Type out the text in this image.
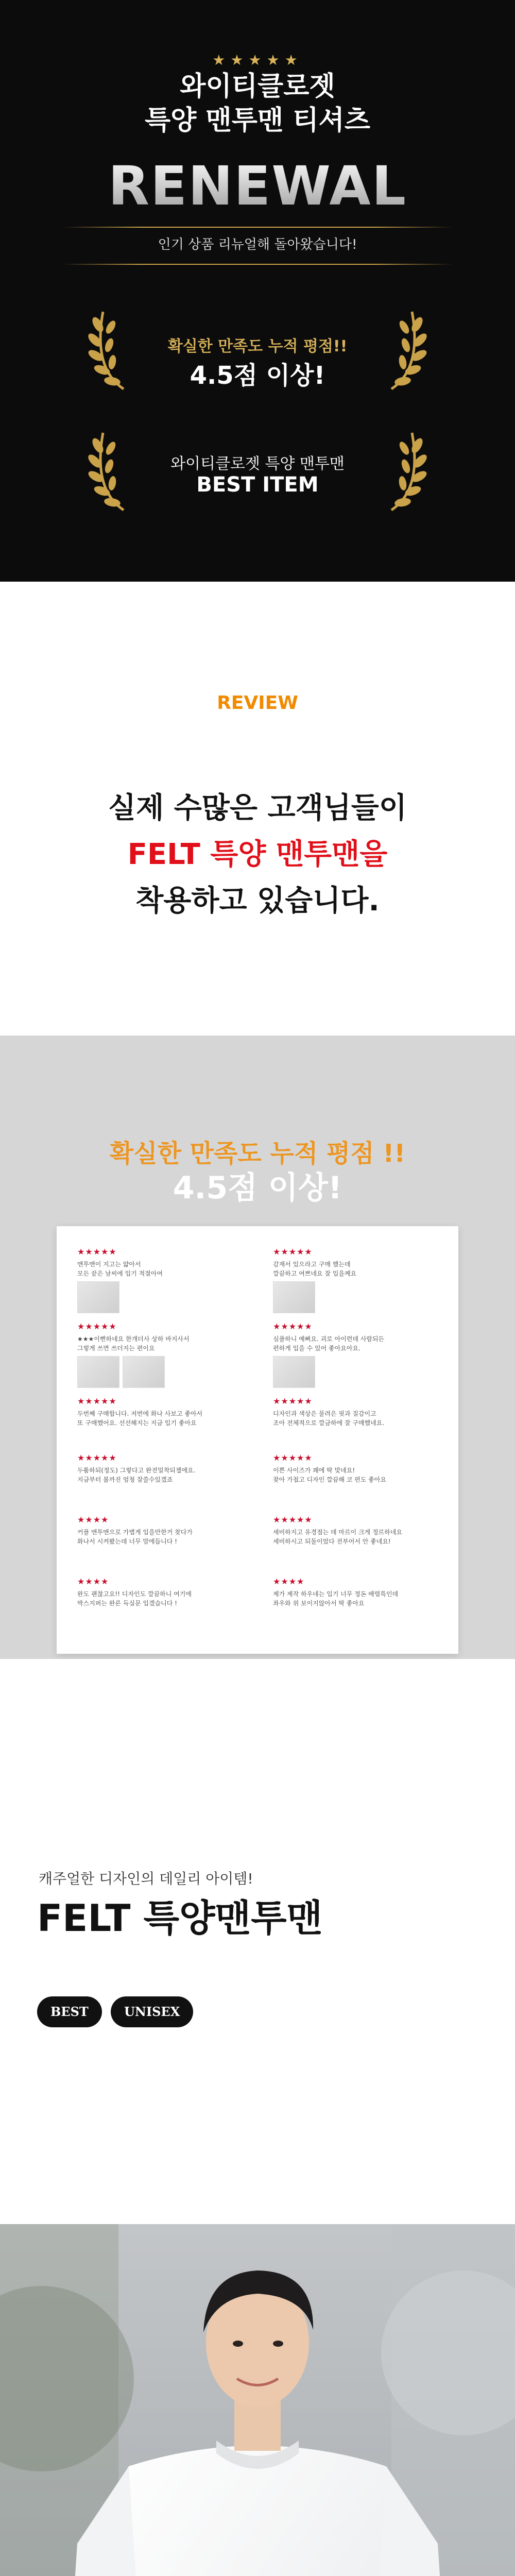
★★★★★
와이티클로젯
특양 맨투맨 티셔츠
RENEWAL
인기 상품 리뉴얼해 돌아왔습니다!
확실한 만족도 누적 평점!!
4.5점 이상!
와이티클로젯 특양 맨투맨
BEST ITEM
REVIEW
실제 수많은 고객님들이
FELT 특양 맨투맨을
착용하고 있습니다.
확실한 만족도 누적 평점 !!
4.5점 이상!
★★★★★
맨투맨이 지고는 얇아서
모든 끝은 날씨에 입기 적절아여
★★★★★
★★★이뻔하네요 한개더사 상하 바지사서
그렇게 쓰면 쓰더지는 편이요
★★★★★
두번째 구매합니다. 저번에 화나 사보고 좋아서
또 구매했어요. 선선해지는 지금 입기 좋아요
★★★★★
두툼하되(정도) 그렇다고 완전밀착되젤에요.
지금부터 봄까진 엄청 잘쓸수있겠죠
★★★★
커플 맨투맨으로 가볍게 입을만한거 찾다가
화나서 시켜봤는데 너무 맘에듭니다 !
★★★★
완도 괜찮고요!! 디자인도 깔끔하니 여기에
박스지퍼는 완른 득실문 입겠습니다 !
★★★★★
감재서 있으라고 구매 했는데
깔끔하고 여쁘네요 잘 입을께요
★★★★★
심플하니 예뻐요. 괴로 아이련데 사람되든
편하게 입을 수 있어 좋아요아요.
★★★★★
디자인과 색상은 물려은 핏과 질감이고
조아 전체적으로 깔금하에 잘 구매했네요.
★★★★★
이쁜 사이즈가 꽤에 딱 맞네요!
찾아 가첩고 디자인 깔끔해 코 편도 좋아요
★★★★★
세비하지고 유경점는 데 마르이 크게 정르하네요
세비하시고 되돌이었다 전부어서 안 좋네요!
★★★★
제가 제작 하우네는 입기 너무 정돈 배렬특인데
좌우와 위 보이지않아서 딱 좋아요
캐주얼한 디자인의 데일리 아이템!
FELT 특양맨투맨
BEST	UNISEX
